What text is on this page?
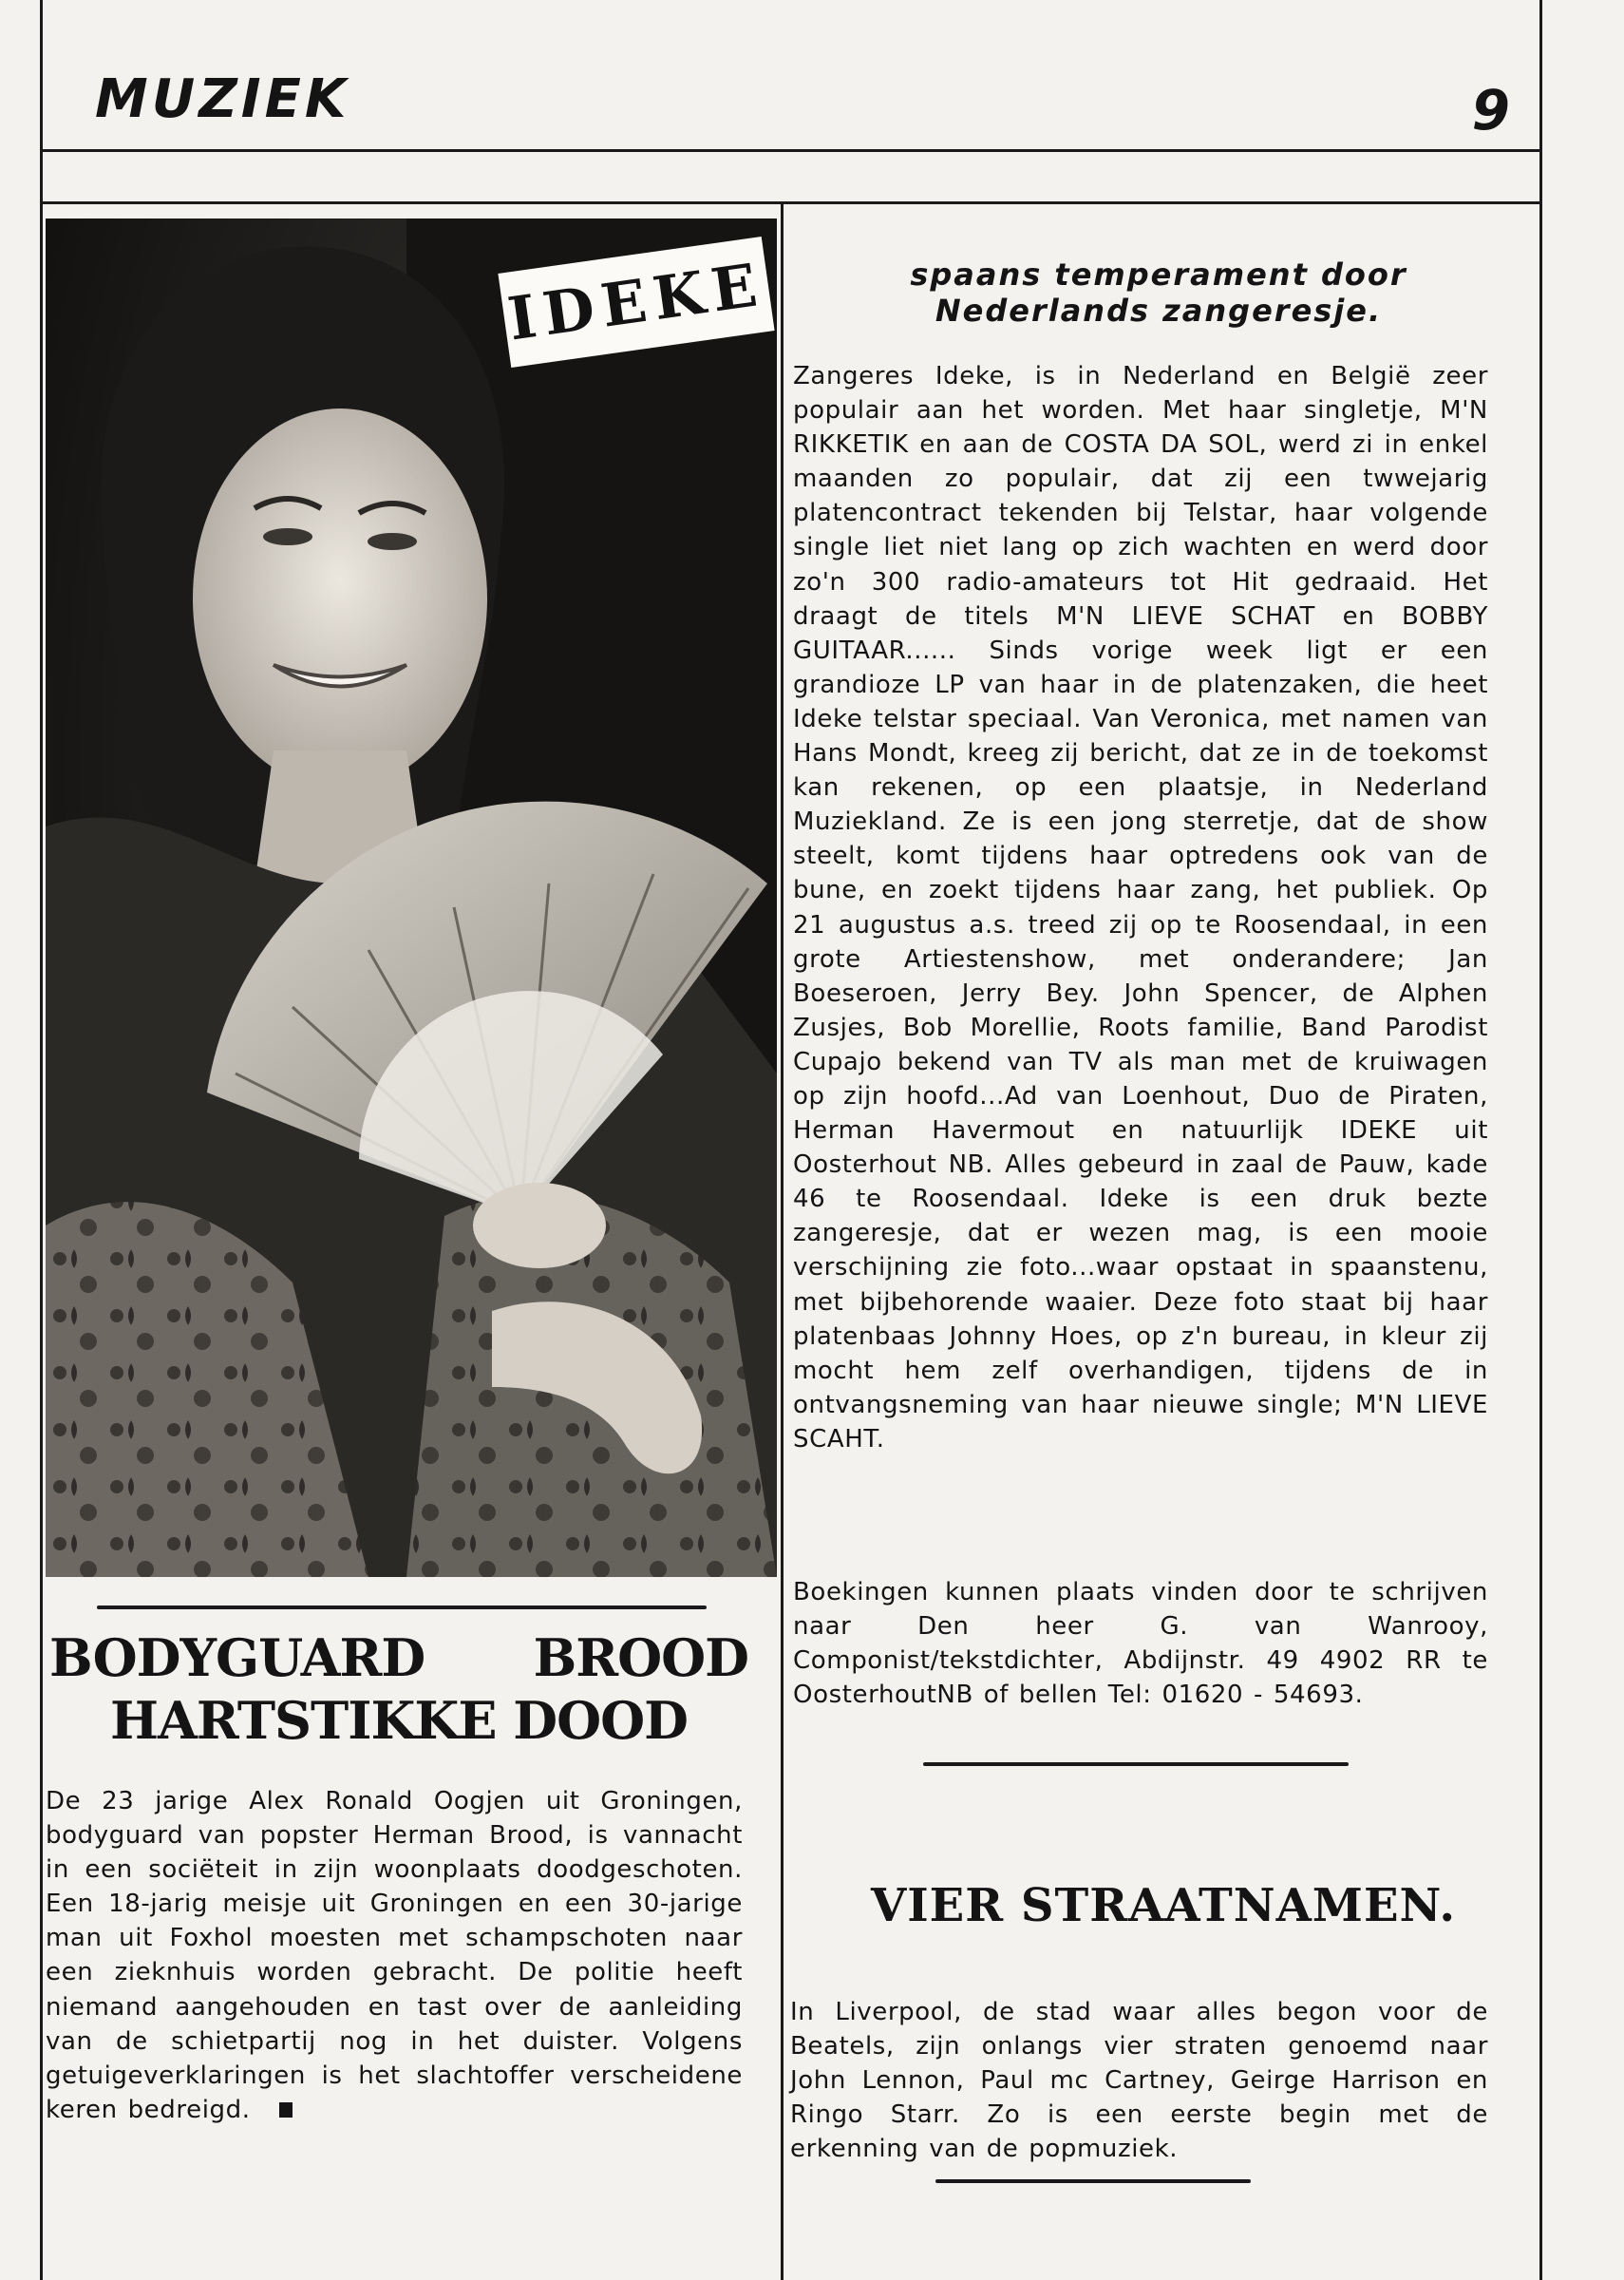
MUZIEK	9
IDEKE
BODYGUARD BROOD
HARTSTIKKE DOOD
De 23 jarige Alex Ronald Oogjen uit Groningen, bodyguard van popster Herman Brood, is vannacht in een sociëteit in zijn woonplaats doodgeschoten. Een 18-jarig meisje uit Groningen en een 30-jarige man uit Foxhol moesten met schampschoten naar een zieknhuis worden gebracht. De politie heeft niemand aangehouden en tast over de aanleiding van de schietpartij nog in het duister. Volgens getuigeverklaringen is het slachtoffer verscheidene keren bedreigd.
spaans temperament door
Nederlands zangeresje.
Zangeres Ideke, is in Nederland en België zeer populair aan het worden. Met haar singletje, M'N RIKKETIK en aan de COSTA DA SOL, werd zi in enkel maanden zo populair, dat zij een twwejarig platencontract tekenden bij Telstar, haar volgende single liet niet lang op zich wachten en werd door zo'n 300 radio-amateurs tot Hit gedraaid. Het draagt de titels M'N LIEVE SCHAT en BOBBY GUITAAR...... Sinds vorige week ligt er een grandioze LP van haar in de platenzaken, die heet Ideke telstar speciaal. Van Veronica, met namen van Hans Mondt, kreeg zij bericht, dat ze in de toekomst kan rekenen, op een plaatsje, in Nederland Muziekland. Ze is een jong sterretje, dat de show steelt, komt tijdens haar optredens ook van de bune, en zoekt tijdens haar zang, het publiek. Op 21 augustus a.s. treed zij op te Roosendaal, in een grote Artiestenshow, met onderandere; Jan Boeseroen, Jerry Bey. John Spencer, de Alphen Zusjes, Bob Morellie, Roots familie, Band Parodist Cupajo bekend van TV als man met de kruiwagen op zijn hoofd...Ad van Loenhout, Duo de Piraten, Herman Havermout en natuurlijk IDEKE uit Oosterhout NB. Alles gebeurd in zaal de Pauw, kade 46 te Roosendaal. Ideke is een druk bezte zangeresje, dat er wezen mag, is een mooie verschijning zie foto...waar opstaat in spaanstenu, met bijbehorende waaier. Deze foto staat bij haar platenbaas Johnny Hoes, op z'n bureau, in kleur zij mocht hem zelf overhandigen, tijdens de in ontvangsneming van haar nieuwe single; M'N LIEVE SCAHT.
Boekingen kunnen plaats vinden door te schrijven naar Den heer G. van Wanrooy, Componist/tekstdichter, Abdijnstr. 49 4902 RR te OosterhoutNB of bellen Tel: 01620 - 54693.
VIER STRAATNAMEN.
In Liverpool, de stad waar alles begon voor de Beatels, zijn onlangs vier straten genoemd naar John Lennon, Paul mc Cartney, Geirge Harrison en Ringo Starr. Zo is een eerste begin met de erkenning van de popmuziek.
